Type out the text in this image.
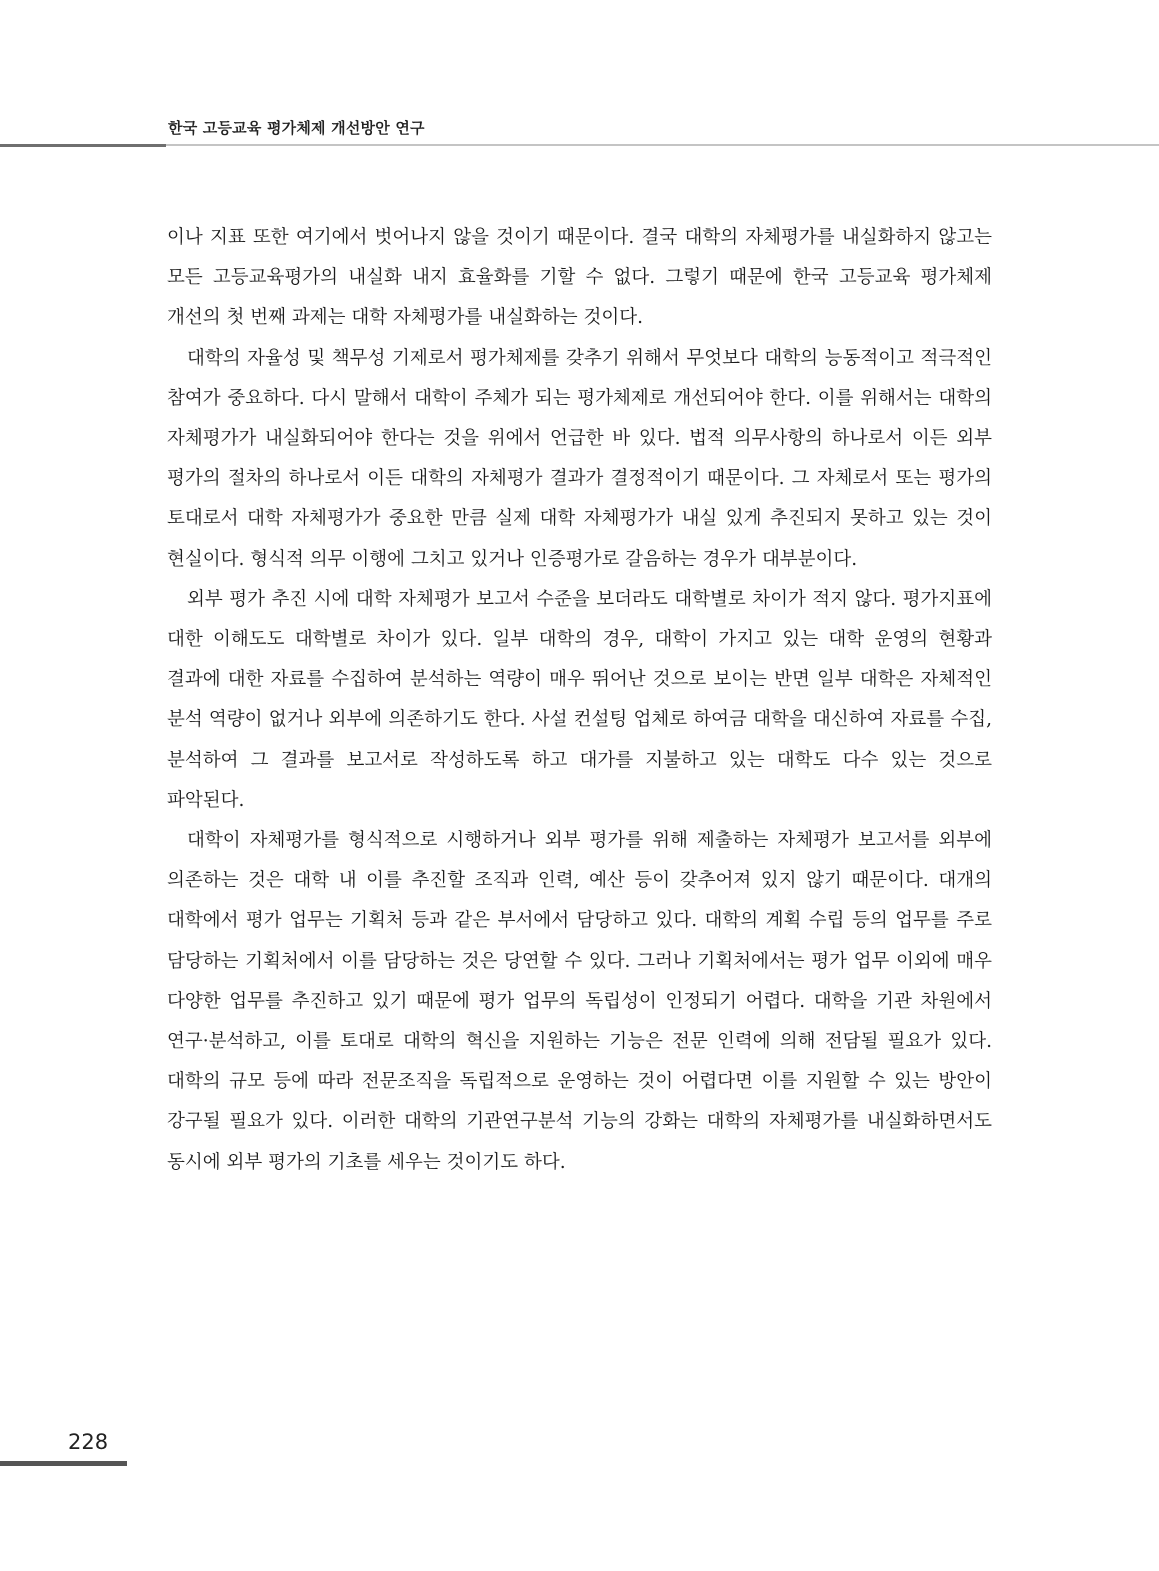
한국 고등교육 평가체제 개선방안 연구

이나 지표 또한 여기에서 벗어나지 않을 것이기 때문이다. 결국 대학의 자체평가를 내실화하지 않고는 모든 고등교육평가의 내실화 내지 효율화를 기할 수 없다. 그렇기 때문에 한국 고등교육 평가체제 개선의 첫 번째 과제는 대학 자체평가를 내실화하는 것이다.

대학의 자율성 및 책무성 기제로서 평가체제를 갖추기 위해서 무엇보다 대학의 능동적이고 적극적인 참여가 중요하다. 다시 말해서 대학이 주체가 되는 평가체제로 개선되어야 한다. 이를 위해서는 대학의 자체평가가 내실화되어야 한다는 것을 위에서 언급한 바 있다. 법적 의무사항의 하나로서 이든 외부 평가의 절차의 하나로서 이든 대학의 자체평가 결과가 결정적이기 때문이다. 그 자체로서 또는 평가의 토대로서 대학 자체평가가 중요한 만큼 실제 대학 자체평가가 내실 있게 추진되지 못하고 있는 것이 현실이다. 형식적 의무 이행에 그치고 있거나 인증평가로 갈음하는 경우가 대부분이다.

외부 평가 추진 시에 대학 자체평가 보고서 수준을 보더라도 대학별로 차이가 적지 않다. 평가지표에 대한 이해도도 대학별로 차이가 있다. 일부 대학의 경우, 대학이 가지고 있는 대학 운영의 현황과 결과에 대한 자료를 수집하여 분석하는 역량이 매우 뛰어난 것으로 보이는 반면 일부 대학은 자체적인 분석 역량이 없거나 외부에 의존하기도 한다. 사설 컨설팅 업체로 하여금 대학을 대신하여 자료를 수집, 분석하여 그 결과를 보고서로 작성하도록 하고 대가를 지불하고 있는 대학도 다수 있는 것으로 파악된다.

대학이 자체평가를 형식적으로 시행하거나 외부 평가를 위해 제출하는 자체평가 보고서를 외부에 의존하는 것은 대학 내 이를 추진할 조직과 인력, 예산 등이 갖추어져 있지 않기 때문이다. 대개의 대학에서 평가 업무는 기획처 등과 같은 부서에서 담당하고 있다. 대학의 계획 수립 등의 업무를 주로 담당하는 기획처에서 이를 담당하는 것은 당연할 수 있다. 그러나 기획처에서는 평가 업무 이외에 매우 다양한 업무를 추진하고 있기 때문에 평가 업무의 독립성이 인정되기 어렵다. 대학을 기관 차원에서 연구·분석하고, 이를 토대로 대학의 혁신을 지원하는 기능은 전문 인력에 의해 전담될 필요가 있다. 대학의 규모 등에 따라 전문조직을 독립적으로 운영하는 것이 어렵다면 이를 지원할 수 있는 방안이 강구될 필요가 있다. 이러한 대학의 기관연구분석 기능의 강화는 대학의 자체평가를 내실화하면서도 동시에 외부 평가의 기초를 세우는 것이기도 하다.

228
